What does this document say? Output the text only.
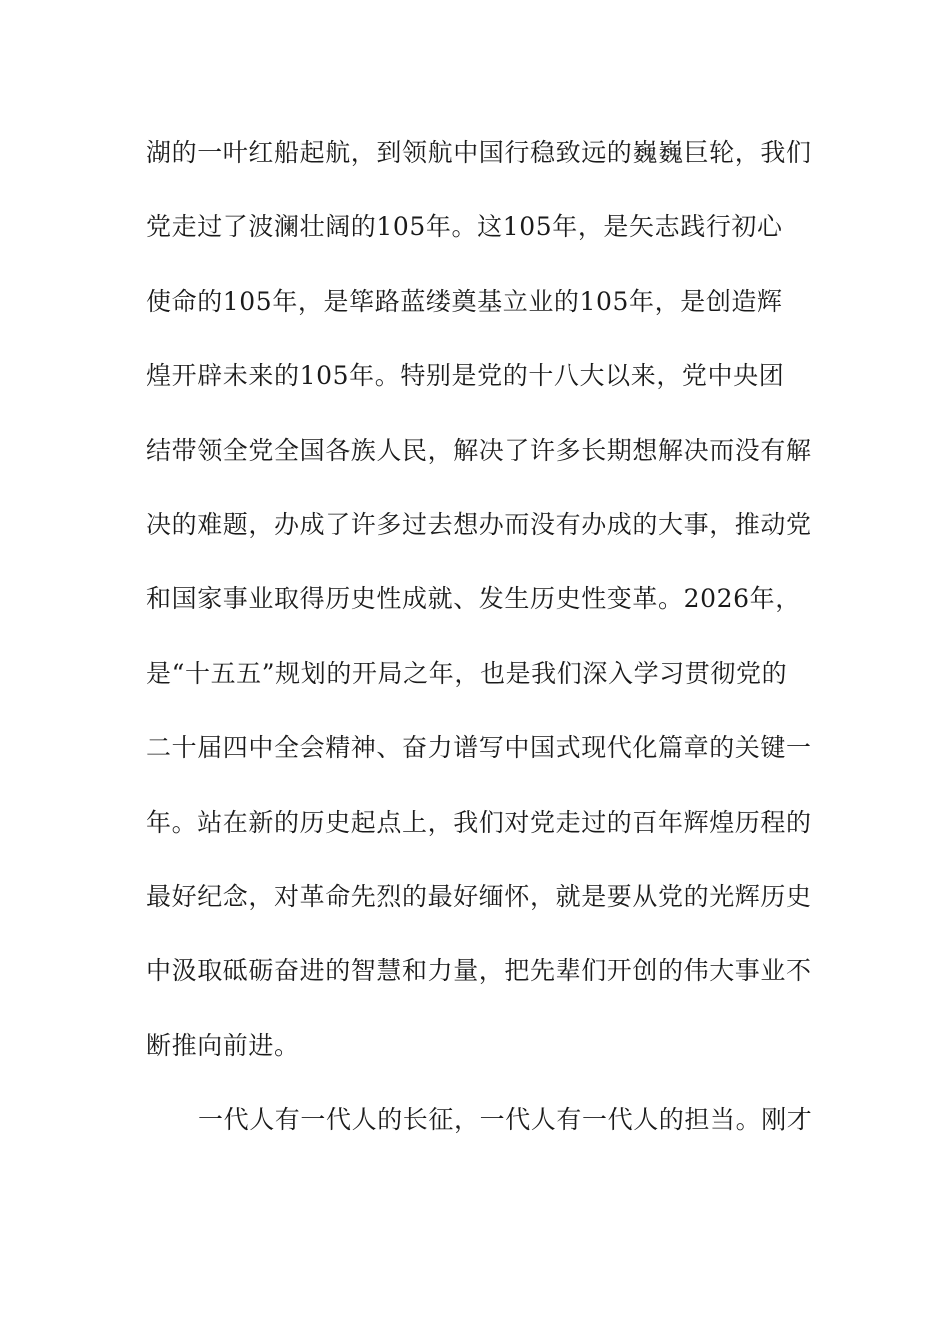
湖的一叶红船起航，到领航中国行稳致远的巍巍巨轮，我们
党走过了波澜壮阔的105年。这105年，是矢志践行初心
使命的105年，是筚路蓝缕奠基立业的105年，是创造辉
煌开辟未来的105年。特别是党的十八大以来，党中央团
结带领全党全国各族人民，解决了许多长期想解决而没有解
决的难题，办成了许多过去想办而没有办成的大事，推动党
和国家事业取得历史性成就、发生历史性变革。2026年，
是“十五五”规划的开局之年，也是我们深入学习贯彻党的
二十届四中全会精神、奋力谱写中国式现代化篇章的关键一
年。站在新的历史起点上，我们对党走过的百年辉煌历程的
最好纪念，对革命先烈的最好缅怀，就是要从党的光辉历史
中汲取砥砺奋进的智慧和力量，把先辈们开创的伟大事业不
断推向前进。
一代人有一代人的长征，一代人有一代人的担当。刚才
